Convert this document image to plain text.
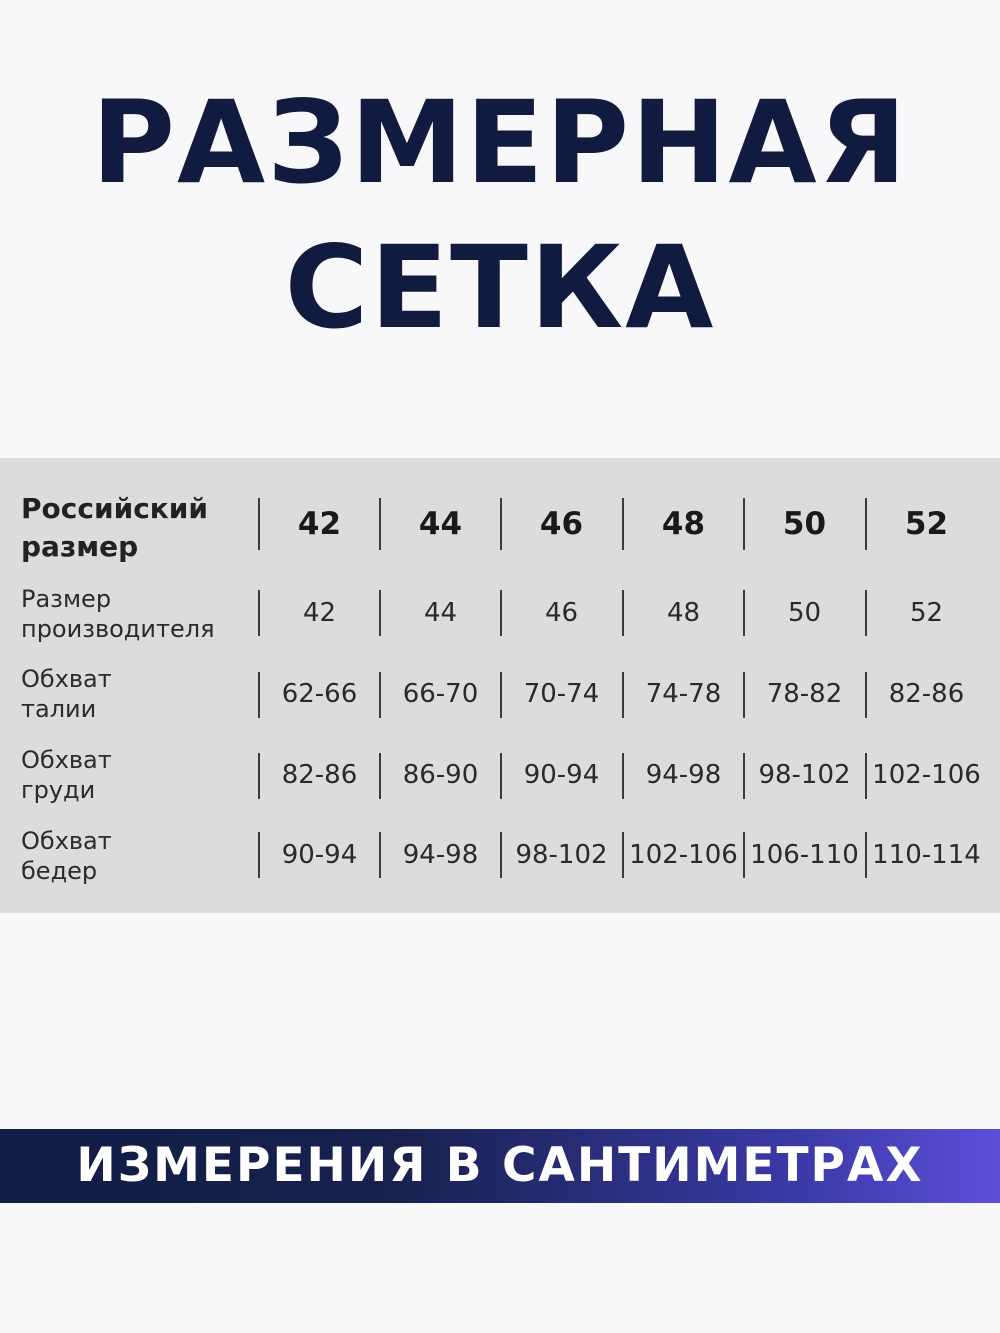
РАЗМЕРНАЯ
СЕТКА
Российский
размер
42	44	46	48	50	52
Размер
производителя
42	44	46	48	50	52
Обхват
талии	62-66	66-70	70-74	74-78	78-82	82-86
Обхват
груди	82-86	86-90	90-94	94-98	98-102 102-106
Обхват
бедер
90-94	94-98	98-102 102-106 106-110 110-114
ИЗМЕРЕНИЯ В САНТИМЕТРАХ
